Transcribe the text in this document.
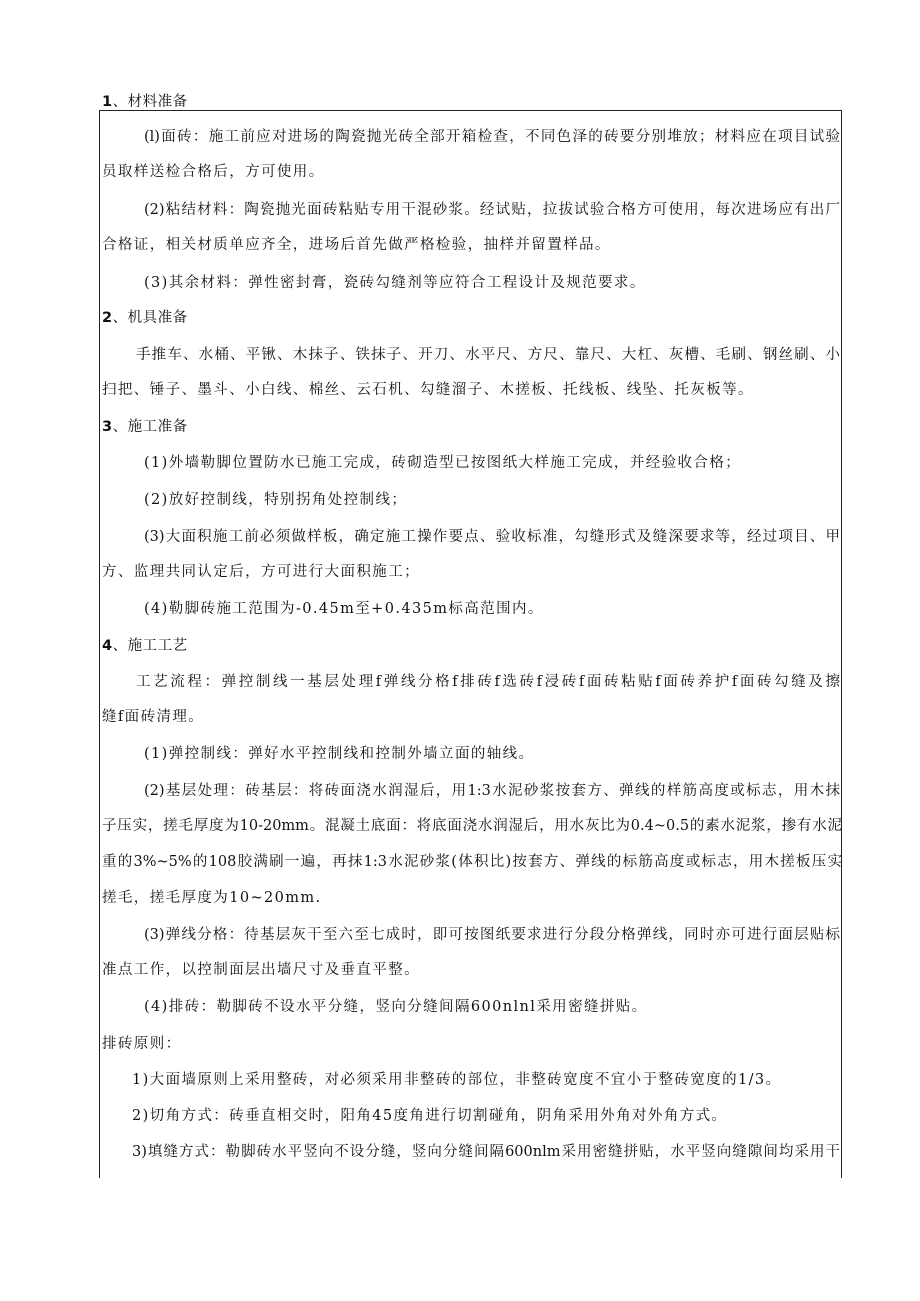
1、材料准备
(l)面砖：施工前应对进场的陶瓷抛光砖全部开箱检查，不同色泽的砖要分别堆放；材料应在项目试验
员取样送检合格后，方可使用。
(2)粘结材料：陶瓷抛光面砖粘贴专用干混砂浆。经试贴，拉拔试验合格方可使用，每次进场应有出厂
合格证，相关材质单应齐全，进场后首先做严格检验，抽样并留置样品。
(3)其余材料：弹性密封膏，瓷砖勾缝剂等应符合工程设计及规范要求。
2、机具准备
手推车、水桶、平锹、木抹子、铁抹子、开刀、水平尺、方尺、靠尺、大杠、灰槽、毛刷、钢丝刷、小
扫把、锤子、墨斗、小白线、棉丝、云石机、勾缝溜子、木搓板、托线板、线坠、托灰板等。
3、施工准备
(1)外墙勒脚位置防水已施工完成，砖砌造型已按图纸大样施工完成，并经验收合格；
(2)放好控制线，特别拐角处控制线；
(3)大面积施工前必须做样板，确定施工操作要点、验收标准，勾缝形式及缝深要求等，经过项目、甲
方、监理共同认定后，方可进行大面积施工；
(4)勒脚砖施工范围为-0.45m至+0.435m标高范围内。
4、施工工艺
工艺流程：弹控制线一基层处理f弹线分格f排砖f选砖f浸砖f面砖粘贴f面砖养护f面砖勾缝及擦
缝f面砖清理。
(1)弹控制线：弹好水平控制线和控制外墙立面的轴线。
(2)基层处理：砖基层：将砖面浇水润湿后，用1:3水泥砂浆按套方、弹线的样筋高度或标志，用木抹
子压实，搓毛厚度为10-20mm。混凝土底面：将底面浇水润湿后，用水灰比为0.4~0.5的素水泥浆，掺有水泥
重的3%~5%的108胶满刷一遍，再抹1:3水泥砂浆(体积比)按套方、弹线的标筋高度或标志，用木搓板压实
搓毛，搓毛厚度为10~20mm.
(3)弹线分格：待基层灰干至六至七成时，即可按图纸要求进行分段分格弹线，同时亦可进行面层贴标
准点工作，以控制面层出墙尺寸及垂直平整。
(4)排砖：勒脚砖不设水平分缝，竖向分缝间隔600nlnl采用密缝拼贴。
排砖原则：
1)大面墙原则上采用整砖，对必须采用非整砖的部位，非整砖宽度不宜小于整砖宽度的1/3。
2)切角方式：砖垂直相交时，阳角45度角进行切割碰角，阴角采用外角对外角方式。
3)填缝方式：勒脚砖水平竖向不设分缝，竖向分缝间隔600nlm采用密缝拼贴，水平竖向缝隙间均采用干
